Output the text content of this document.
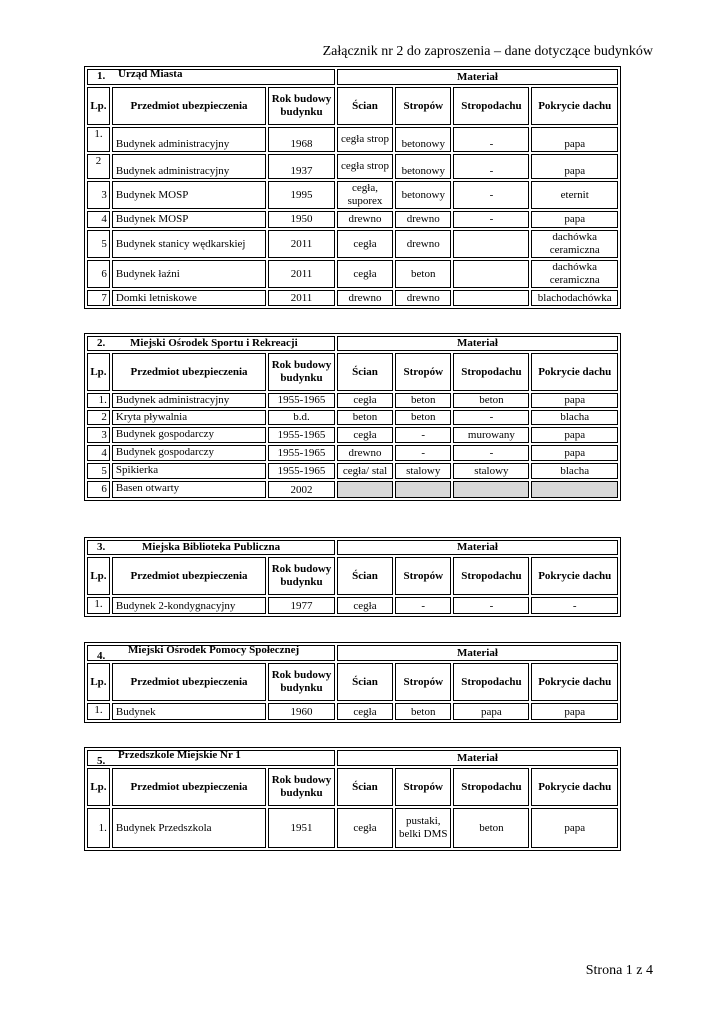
Załącznik nr 2 do zaproszenia – dane dotyczące budynków
1. Urząd Miasta			Materiał			
Lp.	Przedmiot ubezpieczenia	Rok budowy budynku	Ścian	Stropów	Stropodachu	Pokrycie dachu
1.	Budynek administracyjny	1968	cegła strop	betonowy	-	papa
2	Budynek administracyjny	1937	cegła strop	betonowy	-	papa
3	Budynek MOSP	1995	cegła, suporex	betonowy	-	eternit
4	Budynek MOSP	1950	drewno	drewno	-	papa
5	Budynek stanicy wędkarskiej	2011	cegła	drewno		dachówka ceramiczna
6	Budynek łaźni	2011	cegła	beton		dachówka ceramiczna
7	Domki letniskowe	2011	drewno	drewno		blachodachówka
2. Miejski Ośrodek Sportu i Rekreacji			Materiał			
Lp.	Przedmiot ubezpieczenia	Rok budowy budynku	Ścian	Stropów	Stropodachu	Pokrycie dachu
1.	Budynek administracyjny	1955-1965	cegła	beton	beton	papa
2	Kryta pływalnia	b.d.	beton	beton	-	blacha
3	Budynek gospodarczy	1955-1965	cegła	-	murowany	papa
4	Budynek gospodarczy	1955-1965	drewno	-	-	papa
5	Spikierka	1955-1965	cegła/ stal	stalowy	stalowy	blacha
6	Basen otwarty	2002				
3. Miejska Biblioteka Publiczna			Materiał			
Lp.	Przedmiot ubezpieczenia	Rok budowy budynku	Ścian	Stropów	Stropodachu	Pokrycie dachu
1.	Budynek 2-kondygnacyjny	1977	cegła	-	-	-
4. Miejski Ośrodek Pomocy Społecznej			Materiał			
Lp.	Przedmiot ubezpieczenia	Rok budowy budynku	Ścian	Stropów	Stropodachu	Pokrycie dachu
1.	Budynek	1960	cegła	beton	papa	papa
5. Przedszkole Miejskie Nr 1			Materiał			
Lp.	Przedmiot ubezpieczenia	Rok budowy budynku	Ścian	Stropów	Stropodachu	Pokrycie dachu
1.	Budynek Przedszkola	1951	cegła	pustaki, belki DMS	beton	papa
Strona 1 z 4
